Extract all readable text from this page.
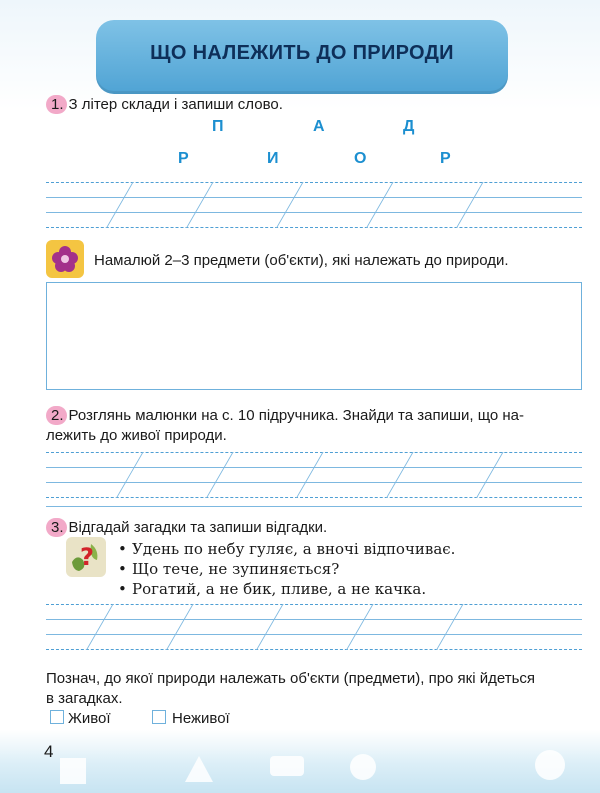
ЩО НАЛЕЖИТЬ ДО ПРИРОДИ
1. З літер склади і запиши слово.
П	А	Д
Р	И	О	Р
Намалюй 2–3 предмети (об'єкти), які належать до природи.
2. Розглянь малюнки на с. 10 підручника. Знайди та запиши, що на-
лежить до живої природи.
3. Відгадай загадки та запиши відгадки.
? • Удень по небу гуляє, а вночі відпочиває.
• Що тече, не зупиняється?
• Рогатий, а не бик, пливе, а не качка.
Познач, до якої природи належать об'єкти (предмети), про які йдеться
в загадках.
Живої	Неживої
4
